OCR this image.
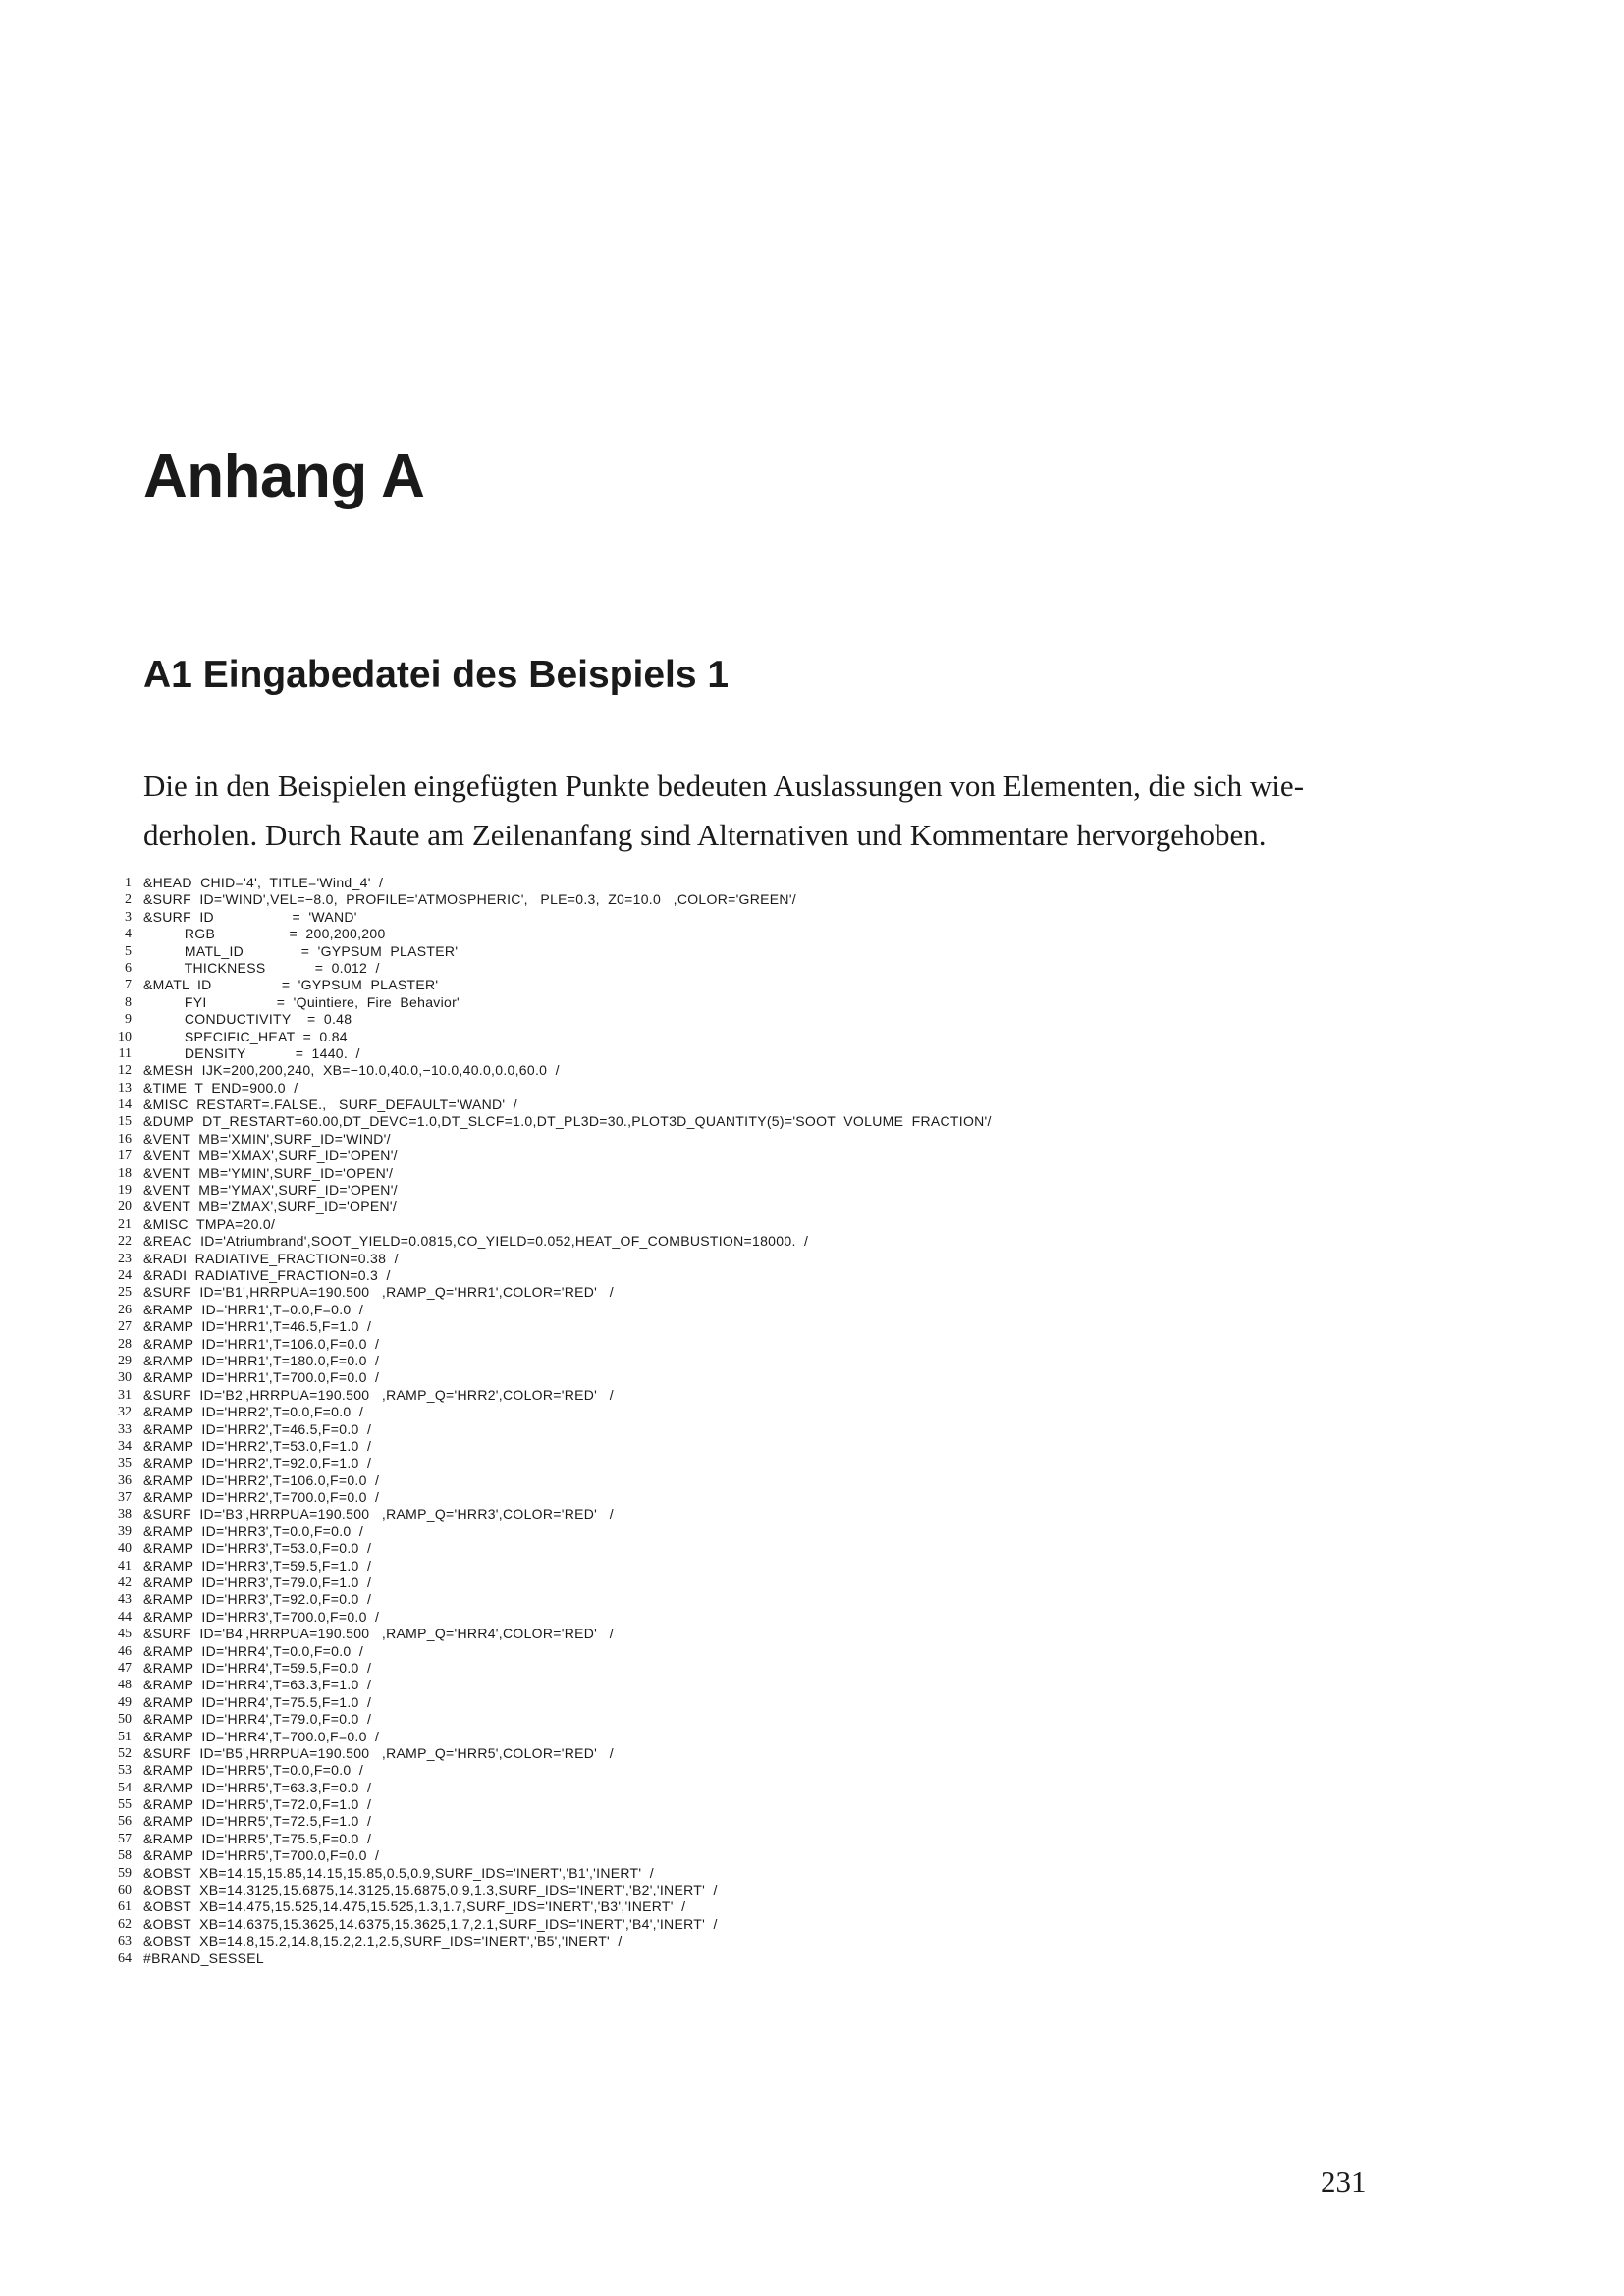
Anhang A
A1 Eingabedatei des Beispiels 1

Die in den Beispielen eingefügten Punkte bedeuten Auslassungen von Elementen, die sich wie-
derholen. Durch Raute am Zeilenanfang sind Alternativen und Kommentare hervorgehoben.

1 &HEAD  CHID='4',  TITLE='Wind_4'  /
2 &SURF  ID='WIND',VEL=−8.0,  PROFILE='ATMOSPHERIC',   PLE=0.3,  Z0=10.0   ,COLOR='GREEN'/
3 &SURF  ID                   =  'WAND'
4 RGB                  =  200,200,200
5 MATL_ID              =  'GYPSUM  PLASTER'
6 THICKNESS            =  0.012  /
7 &MATL  ID                 =  'GYPSUM  PLASTER'
8 FYI                 =  'Quintiere,  Fire  Behavior'
9 CONDUCTIVITY    =  0.48
10 SPECIFIC_HEAT  =  0.84
11 DENSITY            =  1440.  /
12 &MESH  IJK=200,200,240,  XB=−10.0,40.0,−10.0,40.0,0.0,60.0  /
13 &TIME  T_END=900.0  /
14 &MISC  RESTART=.FALSE.,   SURF_DEFAULT='WAND'  /
15 &DUMP  DT_RESTART=60.00,DT_DEVC=1.0,DT_SLCF=1.0,DT_PL3D=30.,PLOT3D_QUANTITY(5)='SOOT  VOLUME  FRACTION'/
16 &VENT  MB='XMIN',SURF_ID='WIND'/
17 &VENT  MB='XMAX',SURF_ID='OPEN'/
18 &VENT  MB='YMIN',SURF_ID='OPEN'/
19 &VENT  MB='YMAX',SURF_ID='OPEN'/
20 &VENT  MB='ZMAX',SURF_ID='OPEN'/
21 &MISC  TMPA=20.0/
22 &REAC  ID='Atriumbrand',SOOT_YIELD=0.0815,CO_YIELD=0.052,HEAT_OF_COMBUSTION=18000.  /
23 &RADI  RADIATIVE_FRACTION=0.38  /
24 &RADI  RADIATIVE_FRACTION=0.3  /
25 &SURF  ID='B1',HRRPUA=190.500   ,RAMP_Q='HRR1',COLOR='RED'   /
26 &RAMP  ID='HRR1',T=0.0,F=0.0  /
27 &RAMP  ID='HRR1',T=46.5,F=1.0  /
28 &RAMP  ID='HRR1',T=106.0,F=0.0  /
29 &RAMP  ID='HRR1',T=180.0,F=0.0  /
30 &RAMP  ID='HRR1',T=700.0,F=0.0  /
31 &SURF  ID='B2',HRRPUA=190.500   ,RAMP_Q='HRR2',COLOR='RED'   /
32 &RAMP  ID='HRR2',T=0.0,F=0.0  /
33 &RAMP  ID='HRR2',T=46.5,F=0.0  /
34 &RAMP  ID='HRR2',T=53.0,F=1.0  /
35 &RAMP  ID='HRR2',T=92.0,F=1.0  /
36 &RAMP  ID='HRR2',T=106.0,F=0.0  /
37 &RAMP  ID='HRR2',T=700.0,F=0.0  /
38 &SURF  ID='B3',HRRPUA=190.500   ,RAMP_Q='HRR3',COLOR='RED'   /
39 &RAMP  ID='HRR3',T=0.0,F=0.0  /
40 &RAMP  ID='HRR3',T=53.0,F=0.0  /
41 &RAMP  ID='HRR3',T=59.5,F=1.0  /
42 &RAMP  ID='HRR3',T=79.0,F=1.0  /
43 &RAMP  ID='HRR3',T=92.0,F=0.0  /
44 &RAMP  ID='HRR3',T=700.0,F=0.0  /
45 &SURF  ID='B4',HRRPUA=190.500   ,RAMP_Q='HRR4',COLOR='RED'   /
46 &RAMP  ID='HRR4',T=0.0,F=0.0  /
47 &RAMP  ID='HRR4',T=59.5,F=0.0  /
48 &RAMP  ID='HRR4',T=63.3,F=1.0  /
49 &RAMP  ID='HRR4',T=75.5,F=1.0  /
50 &RAMP  ID='HRR4',T=79.0,F=0.0  /
51 &RAMP  ID='HRR4',T=700.0,F=0.0  /
52 &SURF  ID='B5',HRRPUA=190.500   ,RAMP_Q='HRR5',COLOR='RED'   /
53 &RAMP  ID='HRR5',T=0.0,F=0.0  /
54 &RAMP  ID='HRR5',T=63.3,F=0.0  /
55 &RAMP  ID='HRR5',T=72.0,F=1.0  /
56 &RAMP  ID='HRR5',T=72.5,F=1.0  /
57 &RAMP  ID='HRR5',T=75.5,F=0.0  /
58 &RAMP  ID='HRR5',T=700.0,F=0.0  /
59 &OBST  XB=14.15,15.85,14.15,15.85,0.5,0.9,SURF_IDS='INERT','B1','INERT'  /
60 &OBST  XB=14.3125,15.6875,14.3125,15.6875,0.9,1.3,SURF_IDS='INERT','B2','INERT'  /
61 &OBST  XB=14.475,15.525,14.475,15.525,1.3,1.7,SURF_IDS='INERT','B3','INERT'  /
62 &OBST  XB=14.6375,15.3625,14.6375,15.3625,1.7,2.1,SURF_IDS='INERT','B4','INERT'  /
63 &OBST  XB=14.8,15.2,14.8,15.2,2.1,2.5,SURF_IDS='INERT','B5','INERT'  /
64 #BRAND_SESSEL
231
